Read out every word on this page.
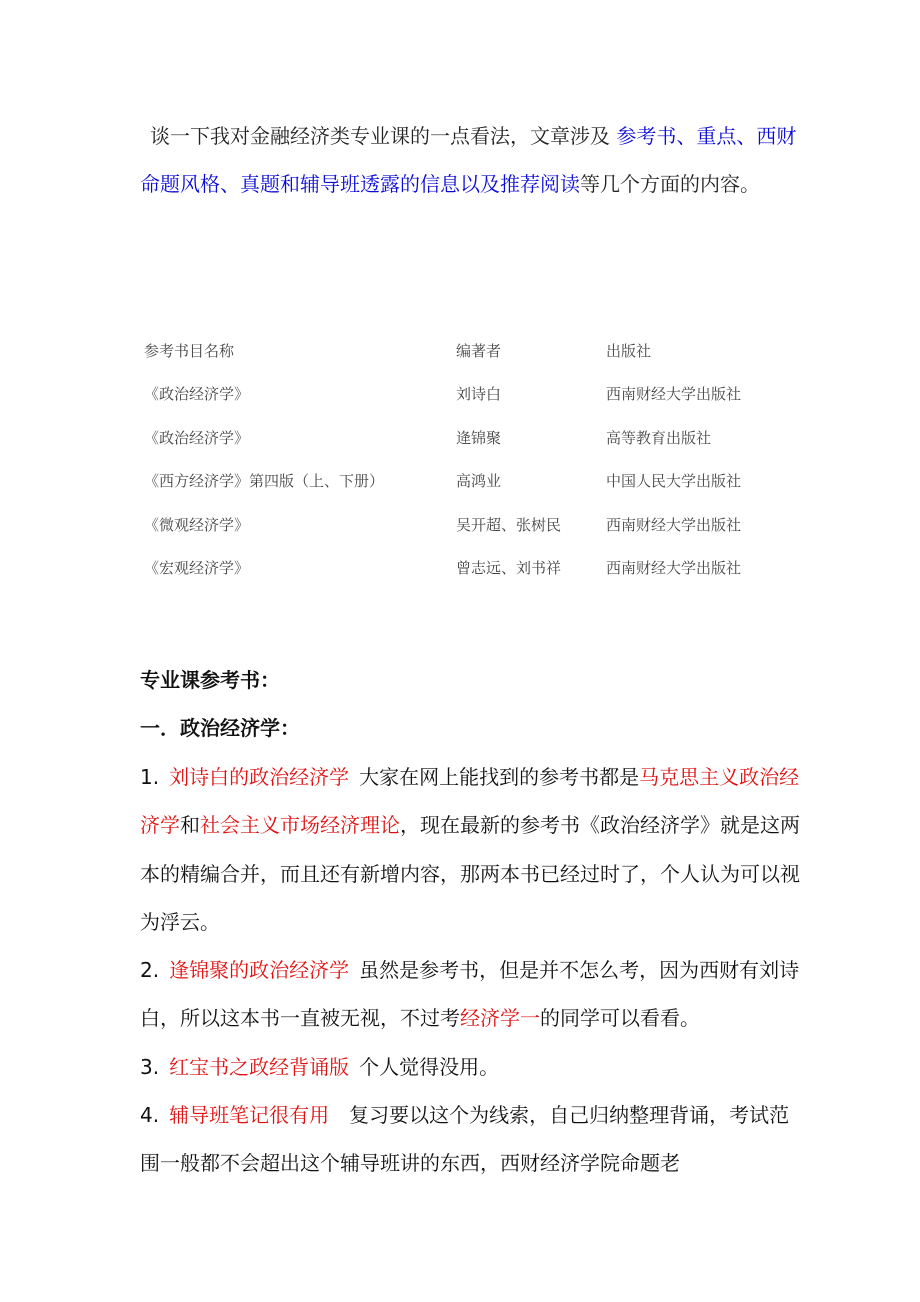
谈一下我对金融经济类专业课的一点看法，文章涉及 参考书、重点、西财命题风格、真题和辅导班透露的信息以及推荐阅读等几个方面的内容。

参考书目名称	编著者	出版社
《政治经济学》	刘诗白	西南财经大学出版社
《政治经济学》	逄锦聚	高等教育出版社
《西方经济学》第四版（上、下册）	高鸿业	中国人民大学出版社
《微观经济学》	吴开超、张树民	西南财经大学出版社
《宏观经济学》	曾志远、刘书祥	西南财经大学出版社
专业课参考书：
一．政治经济学：

1. 刘诗白的政治经济学 大家在网上能找到的参考书都是马克思主义政治经济学和社会主义市场经济理论，现在最新的参考书《政治经济学》就是这两本的精编合并，而且还有新增内容，那两本书已经过时了，个人认为可以视为浮云。

2. 逢锦聚的政治经济学 虽然是参考书，但是并不怎么考，因为西财有刘诗白，所以这本书一直被无视，不过考经济学一的同学可以看看。

3. 红宝书之政经背诵版 个人觉得没用。

4. 辅导班笔记很有用 复习要以这个为线索，自己归纳整理背诵，考试范围一般都不会超出这个辅导班讲的东西，西财经济学院命题老
